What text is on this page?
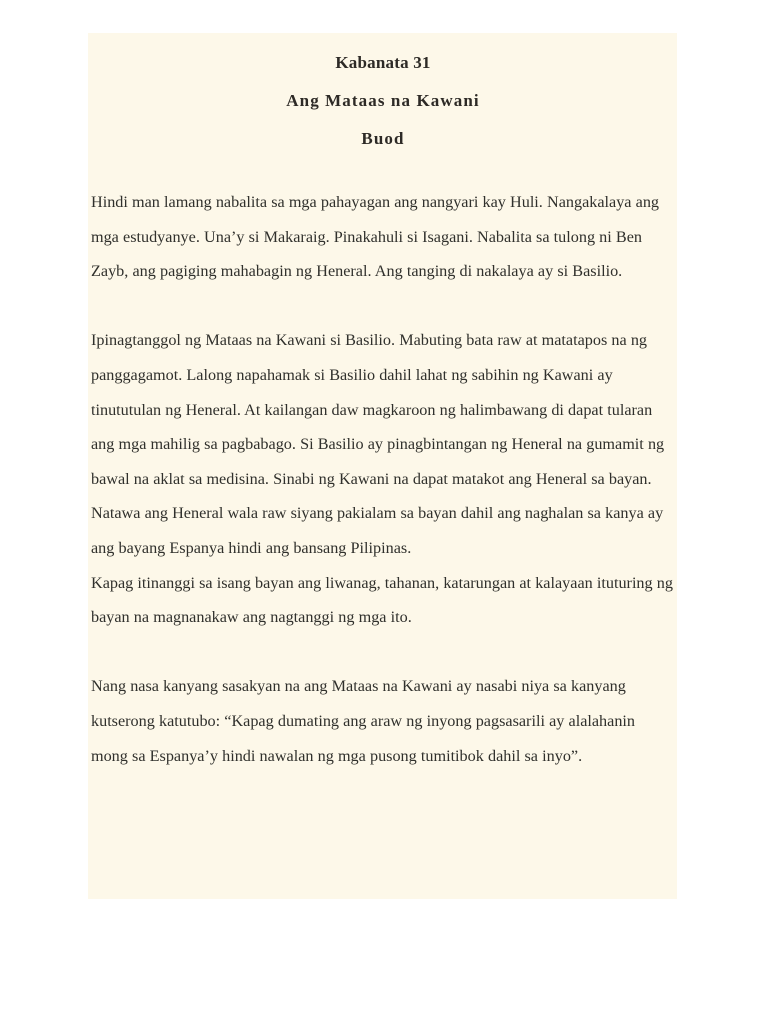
Kabanata 31
Ang Mataas na Kawani
Buod

Hindi man lamang nabalita sa mga pahayagan ang nangyari kay Huli. Nangakalaya ang mga estudyanye. Una’y si Makaraig. Pinakahuli si Isagani. Nabalita sa tulong ni Ben Zayb, ang pagiging mahabagin ng Heneral. Ang tanging di nakalaya ay si Basilio.

Ipinagtanggol ng Mataas na Kawani si Basilio. Mabuting bata raw at matatapos na ng panggagamot. Lalong napahamak si Basilio dahil lahat ng sabihin ng Kawani ay tinututulan ng Heneral. At kailangan daw magkaroon ng halimbawang di dapat tularan ang mga mahilig sa pagbabago. Si Basilio ay pinagbintangan ng Heneral na gumamit ng bawal na aklat sa medisina. Sinabi ng Kawani na dapat matakot ang Heneral sa bayan. Natawa ang Heneral wala raw siyang pakialam sa bayan dahil ang naghalan sa kanya ay ang bayang Espanya hindi ang bansang Pilipinas.

Kapag itinanggi sa isang bayan ang liwanag, tahanan, katarungan at kalayaan ituturing ng bayan na magnanakaw ang nagtanggi ng mga ito.

Nang nasa kanyang sasakyan na ang Mataas na Kawani ay nasabi niya sa kanyang kutserong katutubo: “Kapag dumating ang araw ng inyong pagsasarili ay alalahanin mong sa Espanya’y hindi nawalan ng mga pusong tumitibok dahil sa inyo”.
